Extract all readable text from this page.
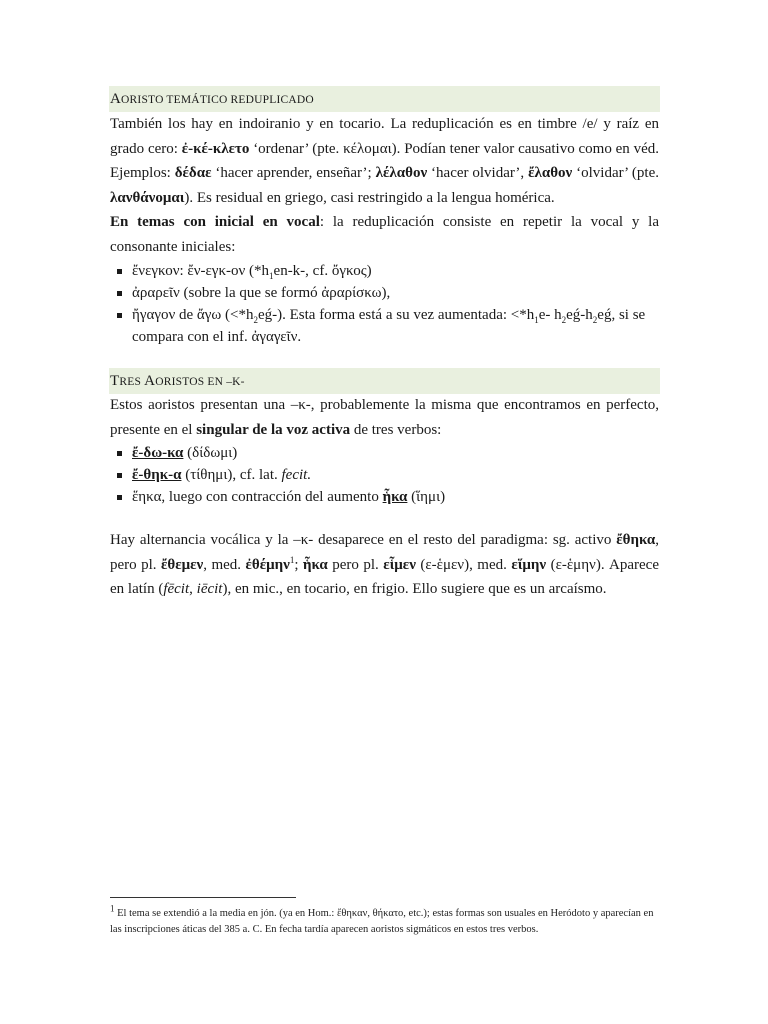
AORISTO TEMÁTICO REDUPLICADO
También los hay en indoiranio y en tocario. La reduplicación es en timbre /e/ y raíz en grado cero: ἐ-κέ-κλετο ‘ordenar’ (pte. κέλομαι). Podían tener valor causativo como en véd. Ejemplos: δέδαε ‘hacer aprender, enseñar’; λέλαθον ‘hacer olvidar’, ἔλαθον ‘olvidar’ (pte. λανθάνομαι). Es residual en griego, casi restringido a la lengua homérica.
En temas con inicial en vocal: la reduplicación consiste en repetir la vocal y la consonante iniciales:
ἔνεγκον: ἔν-εγκ-ον ($*h_1en-k-$, cf. ὄγκος)
ἀραρεῖν (sobre la que se formó ἀραρίσκω),
ἤγαγον de ἄγω $(<*h_2eǵ-)$. Esta forma está a su vez aumentada: $<*h_1e-$ $h_2eǵ-h_2eǵ$, si se compara con el inf. ἀγαγεῖν.
TRES AORISTOS EN –Κ-
Estos aoristos presentan una –κ-, probablemente la misma que encontramos en perfecto, presente en el singular de la voz activa de tres verbos:
ἔ-δω-κα (δίδωμι)
ἔ-θηκ-α (τίθημι), cf. lat. fecit.
ἕηκα, luego con contracción del aumento ἧκα (ἵημι)
Hay alternancia vocálica y la –κ- desaparece en el resto del paradigma: sg. activo ἔθηκα, pero pl. ἔθεμεν, med. ἐθέμην$^1$; ἧκα pero pl. εἷμεν (ε-ἑμεν), med. εἵμην (ε-ἑμην). Aparece en latín (fēcit, iēcit), en mic., en tocario, en frigio. Ello sugiere que es un arcaísmo.
$^1$ El tema se extendió a la media en jón. (ya en Hom.: ἔθηκαν, θήκατο, etc.); estas formas son usuales en Heródoto y aparecían en las inscripciones áticas del 385 a. C. En fecha tardía aparecen aoristos sigmáticos en estos tres verbos.
